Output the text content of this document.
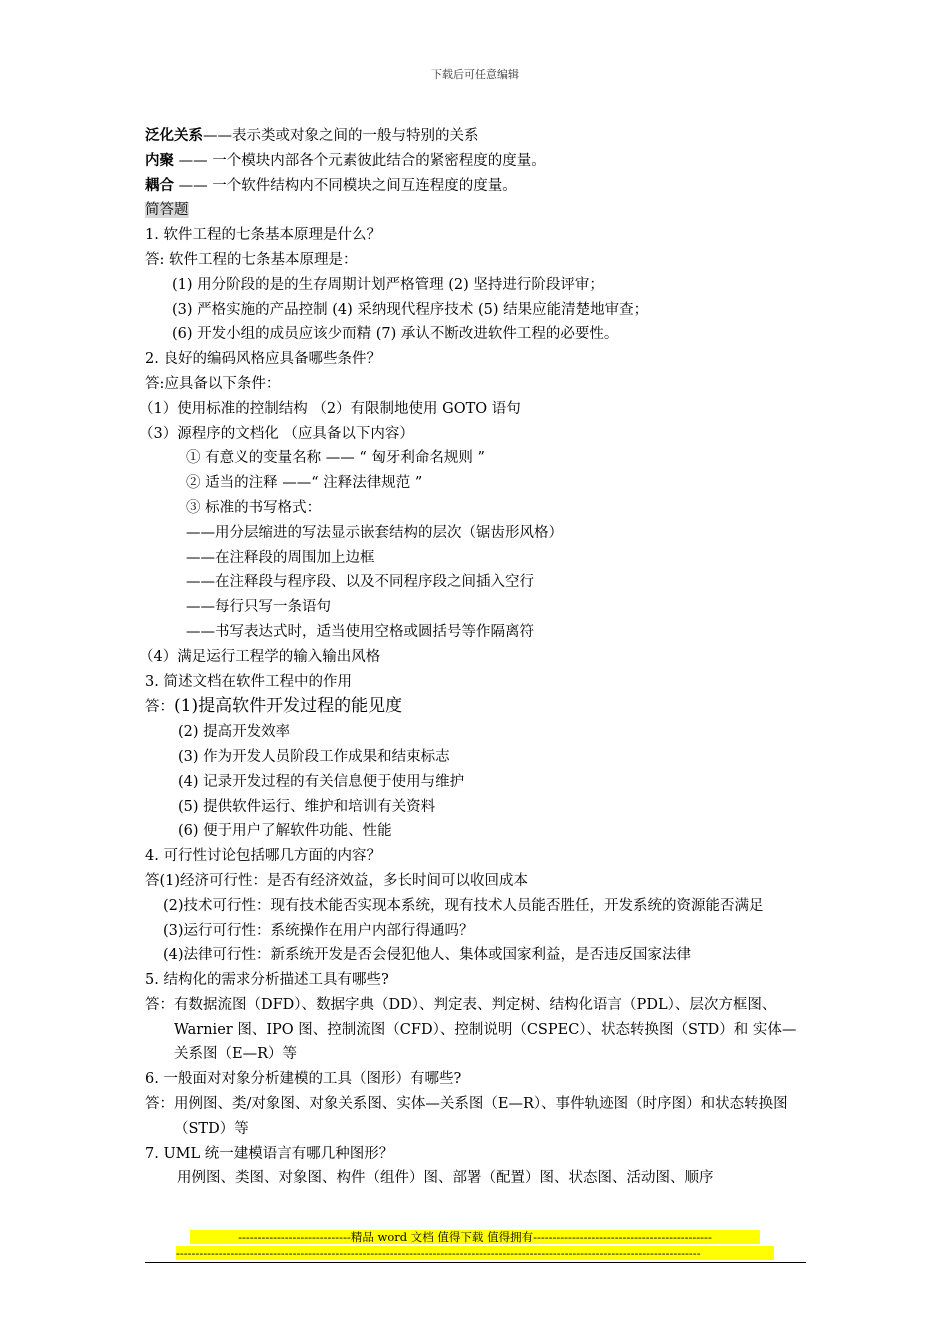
下载后可任意编辑
泛化关系——表示类或对象之间的一般与特别的关系
内聚 —— 一个模块内部各个元素彼此结合的紧密程度的度量。
耦合 —— 一个软件结构内不同模块之间互连程度的度量。
简答题
1. 软件工程的七条基本原理是什么？
答: 软件工程的七条基本原理是：
(1) 用分阶段的是的生存周期计划严格管理 (2) 坚持进行阶段评审；
(3) 严格实施的产品控制 (4) 采纳现代程序技术 (5) 结果应能清楚地审查；
(6) 开发小组的成员应该少而精 (7) 承认不断改进软件工程的必要性。
2. 良好的编码风格应具备哪些条件？
答:应具备以下条件：
（1）使用标准的控制结构 （2）有限制地使用 GOTO 语句
（3）源程序的文档化 （应具备以下内容）
① 有意义的变量名称 —— “ 匈牙利命名规则 ”
② 适当的注释 ——“ 注释法律规范 ”
③ 标准的书写格式：
——用分层缩进的写法显示嵌套结构的层次（锯齿形风格）
——在注释段的周围加上边框
——在注释段与程序段、以及不同程序段之间插入空行
——每行只写一条语句
——书写表达式时，适当使用空格或圆括号等作隔离符
（4）满足运行工程学的输入输出风格
3. 简述文档在软件工程中的作用
答：(1)提高软件开发过程的能见度
(2) 提高开发效率
(3) 作为开发人员阶段工作成果和结束标志
(4) 记录开发过程的有关信息便于使用与维护
(5) 提供软件运行、维护和培训有关资料
(6) 便于用户了解软件功能、性能
4. 可行性讨论包括哪几方面的内容？
答(1)经济可行性： 是否有经济效益，多长时间可以收回成本
(2)技术可行性： 现有技术能否实现本系统，现有技术人员能否胜任，开发系统的资源能否满足
(3)运行可行性： 系统操作在用户内部行得通吗？
(4)法律可行性： 新系统开发是否会侵犯他人、集体或国家利益，是否违反国家法律
5. 结构化的需求分析描述工具有哪些?
答： 有数据流图（DFD）、数据字典（DD）、判定表、判定树、结构化语言（PDL）、层次方框图、Warnier 图、IPO 图、控制流图（CFD）、控制说明（CSPEC）、状态转换图（STD）和 实体—关系图（E—R）等
6. 一般面对对象分析建模的工具（图形）有哪些?
答： 用例图、类/对象图、对象关系图、实体—关系图（E—R）、事件轨迹图（时序图）和状态转换图（STD）等
7. UML 统一建模语言有哪几种图形？
用例图、类图、对象图、构件（组件）图、部署（配置）图、状态图、活动图、顺序
-----------------------------精品 word 文档 值得下载 值得拥有----------------------------------------------
---------------------------------------------------------------------------------------------------------------------------------------
